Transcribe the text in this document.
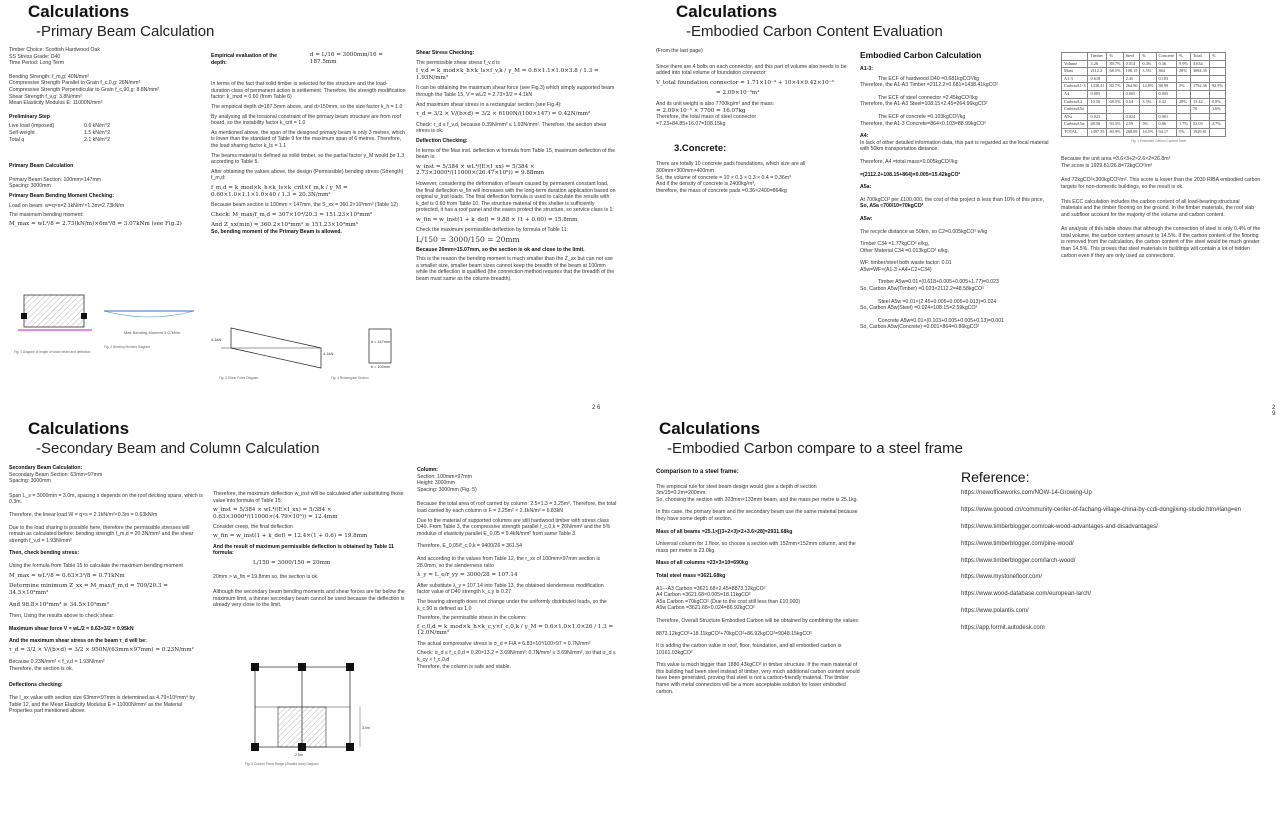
Calculations
-Primary Beam Calculation

Timber Choice: Scottish Hardwood Oak

SS Stress Grade: D40

Time Period: Long Term

Bending Strength: f_m,g: 40N/mm²

Compressive Strength Parallel to Grain f_c,0,g: 26N/mm²

Compressive Strength Perpendicular to Grain f_c,90,g: 8.8N/mm²

Shear Strength f_v,g: 3.8N/mm²

Mean Elasticity Modulus E: 11000N/mm²

Preliminary Step

Live load (imposed)	0.6 kN/m^2
Self-weight	1.5 kN/m^2
Total q	2.1 kN/m^2

Primary Beam Calculation

Primary Beam Section: 100mm×147mm

Spacing: 3000mm

Primary Beam Bending Moment Checking:

Load on beam: w=q×s=2.1kN/m²×1.3m=2.73kN/m

The maximum bending moment:

M_max = wL²/8 = 2.73(kN/m)×6m²/8 = 3.07kNm (see Fig.2)

Max Bending Moment 3.07kNm
Fig. 1 Diagram of length of whole beam and deflection
Fig. 2 Bending Moment Diagram
Empirical evaluation of the depth:
d = L/16 = 3000mm/16 = 187.5mm

In terms of the fact that solid timber is selected for the structure and the load-duration class of permanent action is settlement. Therefore, the strength modification factor: k_mod = 0.60 (from Table 6)

The empirical depth d=187.5mm above, and d>150mm, so the size factor k_h = 1.0

By analysing all the torsional constraint of the primary beam structure are from roof board, so the instability factor k_crit = 1.0

As mentioned above, the span of the designed primary beam is only 3 metres, which is lower than the standard of Table 9 for the maximum span of 6 metres. Therefore, the load sharing factor k_ls = 1.1

The beams material is defined as solid timber, so the partial factor γ_M would be 1.3 according to Table 5.

After obtaining the values above, the design (Permissible) bending stress (Strength) f_m,d:

f_m,d = k_mod×k_h×k_ls×k_crit×f_m,k / γ_M = 0.60×1.0×1.1×1.0×40 / 1.3 = 20.3N/mm²

Because beam section is 100mm × 147mm, the S_xx = 360.2×10³mm³ (Table 12)

Check: M_max/f_m,d = 307×10⁴/20.3 = 151.23×10³mm³

And Z_xx(min) = 360.2×10³mm³ ≥ 151.23×10³mm³

So, bending moment of the Primary Beam is allowed.

4.1kN
4.1kN
d = 147mm
b = 100mm
Fig. 3 Shear Force Diagram	Fig. 4 Rectangular Section

Shear Stress Checking:

The permissible shear stress f_v,d is

f_v,d = k_mod×k_h×k_ls×f_v,k / γ_M = 0.6×1.1×1.0×3.8 / 1.3 = 1.93N/mm²

It can be obtaining the maximum shear force (see Fig.3) which simply supported beam through the Table 15, V = wL/2 = 2.73×3/2 = 4.1kN

And maximum shear stress in a rectangular section (see Fig.4):

τ_d = 3/2 × V/(b×d) = 3/2 × 6100N/(100×147) = 0.42N/mm²

Check: τ_d ≤ f_v,d, because 0.39N/mm² ≤ 1.93N/mm². Therefore, the section shear stress is ok.

Deflection Checking:

In terms of the Max inst. deflection w formula from Table 15, maximum deflection of the beam is:

w_inst = 5/384 × wL⁴/(E×I_xx) = 5/384 × 2.73×3000⁴/(11000×(26.47×10⁶)) = 9.88mm

However, considering the deformation of beam caused by permanent constant load, the final deflection w_fin will increases with the long-term duration application based on original w_inst loads. The final deflection formula is used to calculate the results with k_def is 0.60 from Table 10. The structure material of this shelter is sufficiently protected, it has a roof panel and the eaves protect the structure, so service class is 1:

w_fin = w_inst(1 + k_def) = 9.88 × (1 + 0.60) = 15.8mm

Check the maximum permissible deflection by formula of Table 11:

L/150 = 3000/150 = 20mm

Because 20mm>15.07mm, so the section is ok and close to the limit.

This is the reason the bending moment is much smaller than the Z_xx but can not use a smaller size, smaller beam sizes cannot keep the breadth of the beam at 100mm while the deflection is qualified (the connection method requires that the breadth of the beam must same as the column breadth).

2 6
Calculations
-Embodied Carbon Content Evaluation

(From the last page)

Since there are 4 bolts on each connector, and this part of volume also needs to be added into total volume of foundation connector:

V_total foundation connector = 1.71×10⁻³ + 10×4×9.42×10⁻⁶

= 2.09×10⁻³m³

And its unit weight is also 7700kg/m³ and the mass:

= 2.09×10⁻³ × 7700 = 16.07kg

Therefore, the total mass of steel connector

=7.23+84.85+16.07=108.15kg

3.Concrete:

There are totally 10 concrete pads foundations, which size are all 300mm×300mm×400mm

So, the volume of concrete = 10 × 0.3 × 0.3 × 0.4 = 0.36m³

And if the density of concrete is 2400kg/m³,

therefore, the mass of concrete pads =0.36×2400=864kg

Embodied Carbon Calculation

A1-3:

The ECF of hardwood D40 =0.681kgCO²/kg

Therefore, the A1-A3 Timber =2112.2×0.681=1438.41kgCO²

The ECF of steel connector =2.45kgCO²/kg

Therefore, the A1-A3 Steel=108.15×2.45=264.96kgCO²

The ECF of concrete =0.103kgCO²/kg

Therefore, the A1-3 Concrete=864×0.103=88.99kgCO²

A4:

In lack of other detailed information data, this part is regarded as the local material with 50km transportation distance.

Therefore, A4 =total mass×0.005kgCO²/kg

=(2112.2+108.15+864)×0.005=15.42kgCO²

A5a:

At 700kgCO² per £100,000, the cost of this project is less than 10% of this price,

So, A5a ≈700/10=70kgCO²

A5w:

The recycle distance as 50km, so C2=0.005kgCO² e/kg

Timber C34 =1.77kgCO² e/kg,

Other Material C34 =0.013kgCO² e/kg,

WF: timber/steel both waste factor: 0.01

A5w=WF×(A1-3 +A4+C2+C34)

Timber A5w=0.01×(0.618+0.005+0.005+1.77)=0.023

So, Carbon A5w(Timber) =0.023×2112.2=48.58kgCO²

Steel A5w =0.01×(2.45+0.005+0.005+0.013)=0.024

So, Carbon A5w(Steel) =0.024×108.15=2.59kgCO²

Concrete A5w=0.01×(0.103+0.005+0.005+0.13)=0.001

So, Carbon A5w(Concrete) =0.001×864=0.86kgCO²

	Timber	%	Steel	%	Concrete	%	Total	%
Volume	3.26	89.7%	0.014	0.4%	0.36	9.9%	3.634	
Mass	2112.2	68.5%	108.15	3.5%	864	28%	3084.35	
A1-3	0.618		2.45		0.103			
CarbonA1-3	1438.41	80.7%	264.96	14.8%	88.99	5%	1792.36	92.9%
A4	0.005		0.005		0.005			
CarbonA4	10.56	68.5%	0.54	3.5%	4.32	28%	15.42	0.8%
CarbonA5a							70	3.6%
A5w	0.023		0.024		0.001			
CarbonA5w	48.58	93.5%	2.59	5%	0.86	1.7%	52.03	2.7%
TOTAL	1497.55	80.9%	268.09	14.5%	94.17	5%	1929.81	

Fig. 1 Embodied Carbon Content Table

Because the unit area =3.6×3+2×2.6×2=26.8m²

The score is 1929.81/26.8=72kgCO²/m²

And 72kgCO²<300kgCO²/m². This score is lower than the 2030 RIBA embodied carbon targets for non-domestic buildings, so the result is ok.

This ECC calculation includes the carbon content of all load-bearing structural materials and the timber flooring on the ground. In the timber materials, the roof slab and subfloor account for the majority of the volume and carbon content.

An analysis of this table shows that although the connection of steel is only 0.4% of the total volume, the carbon content amount to 14.5%. If the carbon content of the flooring is removed from the calculation, the carbon content of the steel would be much greater than 14.5%. This proves that steel materials in buildings will contain a lot of hidden carbon even if they are only used as connections.

2 9
Calculations
-Secondary Beam and Column Calculation

Secondary Beam Calculation:

Secondary Beam Section: 63mm×97mm

Spacing: 3000mm

Span L_s = 3000mm = 3.0m, spacing s depends on the roof decking spans, which is 0.3m.

Therefore, the linear load W = q×s = 2.1kN/m²×0.3m = 0.63kN/m

Due to the load sharing is possible here, therefore the permissible stresses will remain as calculated before: bending strength f_m,d = 20.3N/mm² and the shear strength f_v,d = 1.93N/mm²

Then, check bending stress:

Using the formula from Table 15 to calculate the maximum bending moment

M_max = wL²/8 = 0.63×3²/8 = 0.71kNm

Determine minimum Z_xx = M_max/f_m,d = 709/20.3 = 34.5×10³mm³

And 98.8×10³mm³ ≥ 34.5×10³mm³

Then, Using the results above to check shear:

Maximum shear force V = wL/2 = 0.63×3/2 = 0.95kN

And the maximum shear stress on the beam τ_d will be:

τ_d = 3/2 × V/(b×d) = 3/2 × 950N/(63mm×97mm) = 0.23N/mm²

Because 0.23N/mm² < f_v,d = 1.93N/mm²

Therefore, the section is ok.

Deflections checking:

The I_xx value with section size 63mm×97mm is determined as 4.79×10⁶mm⁴ by Table 12, and the Mean Elasticity Modulus E = 11000N/mm² as the Material Properties part mentioned above.

Therefore, the maximum deflection w_inst will be calculated after substituting those value into formula of Table 15:

w_inst = 5/384 × wL⁴/(E×I_xx) = 5/384 × 0.63×3000⁴/(11000×(4.79×10⁶)) = 12.4mm

Consider creep, the final deflection

w_fin = w_inst(1 + k_def) = 12.4×(1 + 0.6) = 19.8mm

And the result of maximum permissible deflection is obtained by Table 11 formula:

L/150 = 3000/150 = 20mm

20mm > w_fin = 19.8mm so, the section is ok.

Although the secondary beam bending moments and shear forces are far below the maximum limit, a thinner secondary beam cannot be used because the deflection is already very close to the limit.

3.0m
2.5m
Fig. 5 Column Force Range (Shaded Area) Diagram

Column:

Section: 100mm×97mm

Height: 3000mm

Spacing: 3000mm (Fig. 5)

Because the total area of roof carried by column: 2.5×1.3 = 3.25m². Therefore, the total load carried by each column is F = 3.25m² × 2.1kN/m² = 6.83kN

Due to the material of supported columns are still hardwood timber with stress class D40. From Table 3, the compressive strength parallel f_c,0,k = 26N/mm² and the 5% modulus of elasticity parallel E_0,05 = 9.4kN/mm² from same Table 3.

Therefore, E_0,05/f_c,0,k = 9400/26 = 361.54

And according to the values from Table 12, the r_xx of 100mm×97mm section is 28.0mm, so the slenderness ratio

λ_y = L_e/r_yy = 3000/28 = 107.14

After substitute λ_y = 107.14 into Table 13, the obtained slenderness modification factor value of D40 strength k_c,y is 0.27

The bearing strength does not change under the uniformly distributed loads, so the k_c,90 is defined as 1.0

Therefore, the permissible stress in the column:

f_c,0,d = k_mod×k_h×k_c,y×f_c,0,k / γ_M = 0.6×1.0×1.0×26 / 1.3 = 12.0N/mm²

The actual compressive stress is σ_d = F/A = 6.83×10³/100×97 = 0.7N/mm²

Check: σ_d ≤ f_c,0,d = 0.20×13.2 = 3.69N/mm²: 0.7N/mm² ≤ 3.69N/mm², so that σ_d ≤ k_cy × f_c,0,d

Therefore, the column is safe and stable.

Calculations
-Embodied Carbon compare to a steel frame

Comparison to a steel frame:

The empirical rule for steel beam design would give a depth of section 3m/15=0.2m=200mm.

So, choosing the section with 203mm×133mm beam, and the mass per metre is 25.1kg.

In this case, the primary beam and the secondary beam use the same material because they have some depth of section.

Mass of all beams =25.1×[(3+2×3)×2+3.6×28]=2931.68kg

Universal column for 1 floor, so choose a section with 152mm×152mm column, and the mass per metre is 23.0kg.

Mass of all columns =23×3×10=690kg

Total steel mass =3621.68kg

A1---A3 Carbon =3621.68×2.45=8873.12kgCO²

A4 Carbon =3621.68×0.005=18.11kgCO²

A5a Carbon =70kgCO² (Due to the cost still less than £10,000)

A5w Carbon =3621.68×0.024=86.92kgCO²

Therefore, Overall Structure Embodied Carbon will be obtained by combining the values:

8873.12kgCO²+18.11kgCO²+70kgCO²+86.92kgCO²=9048.15kgCO²

It is adding the carbon value in roof, floor, foundation, and all embodied carbon is 10161.03kgCO²

This value is much bigger than 1880.43kgCO² in timber structure. If the main material of this building had been steel instead of timber, very much additional carbon content would have been generated, proving that steel is not a carbon-friendly material. The timber frame with metal connectors will be a more acceptable solution for lower embodied carbon.

Reference:

https://newofficeworks.com/NOW-14-Growing-Up

https://www.gooood.cn/community-center-of-fachang-village-china-by-ccdi-dongjixing-studio.htm#lang=en

https://www.timberblogger.com/oak-wood-advantages-and-disadvantages/

https://www.timberblogger.com/pine-wood/

https://www.timberblogger.com/larch-wood/

https://www.mystonefloor.com/

https://www.wood-database.com/european-larch/

https://www.polantis.com/

https://app.formit.autodesk.com
